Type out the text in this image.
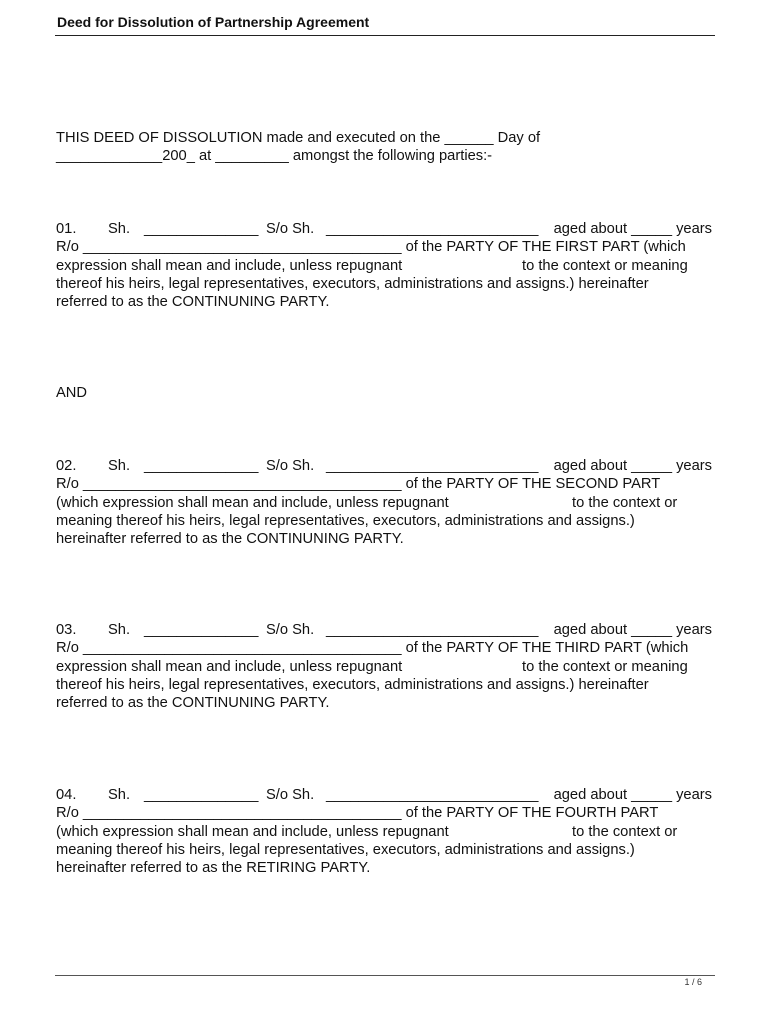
Deed for Dissolution of Partnership Agreement
THIS DEED OF DISSOLUTION made and executed on the ______ Day of
_____________200_ at _________ amongst the following parties:-
01. Sh. ______________ S/o Sh. __________________________ aged about _____ years
R/o _______________________________________ of the PARTY OF THE FIRST PART (which
expression shall mean and include, unless repugnant	to the context or meaning
thereof his heirs, legal representatives, executors, administrations and assigns.) hereinafter
referred to as the CONTINUNING PARTY.
AND
02. Sh. ______________ S/o Sh. __________________________ aged about _____ years
R/o _______________________________________ of the PARTY OF THE SECOND PART
(which expression shall mean and include, unless repugnant	to the context or
meaning thereof his heirs, legal representatives, executors, administrations and assigns.)
hereinafter referred to as the CONTINUNING PARTY.
03. Sh. ______________ S/o Sh. __________________________ aged about _____ years
R/o _______________________________________ of the PARTY OF THE THIRD PART (which
expression shall mean and include, unless repugnant	to the context or meaning
thereof his heirs, legal representatives, executors, administrations and assigns.) hereinafter
referred to as the CONTINUNING PARTY.
04. Sh. ______________ S/o Sh. __________________________ aged about _____ years
R/o _______________________________________ of the PARTY OF THE FOURTH PART
(which expression shall mean and include, unless repugnant	to the context or
meaning thereof his heirs, legal representatives, executors, administrations and assigns.)
hereinafter referred to as the RETIRING PARTY.
1 / 6
